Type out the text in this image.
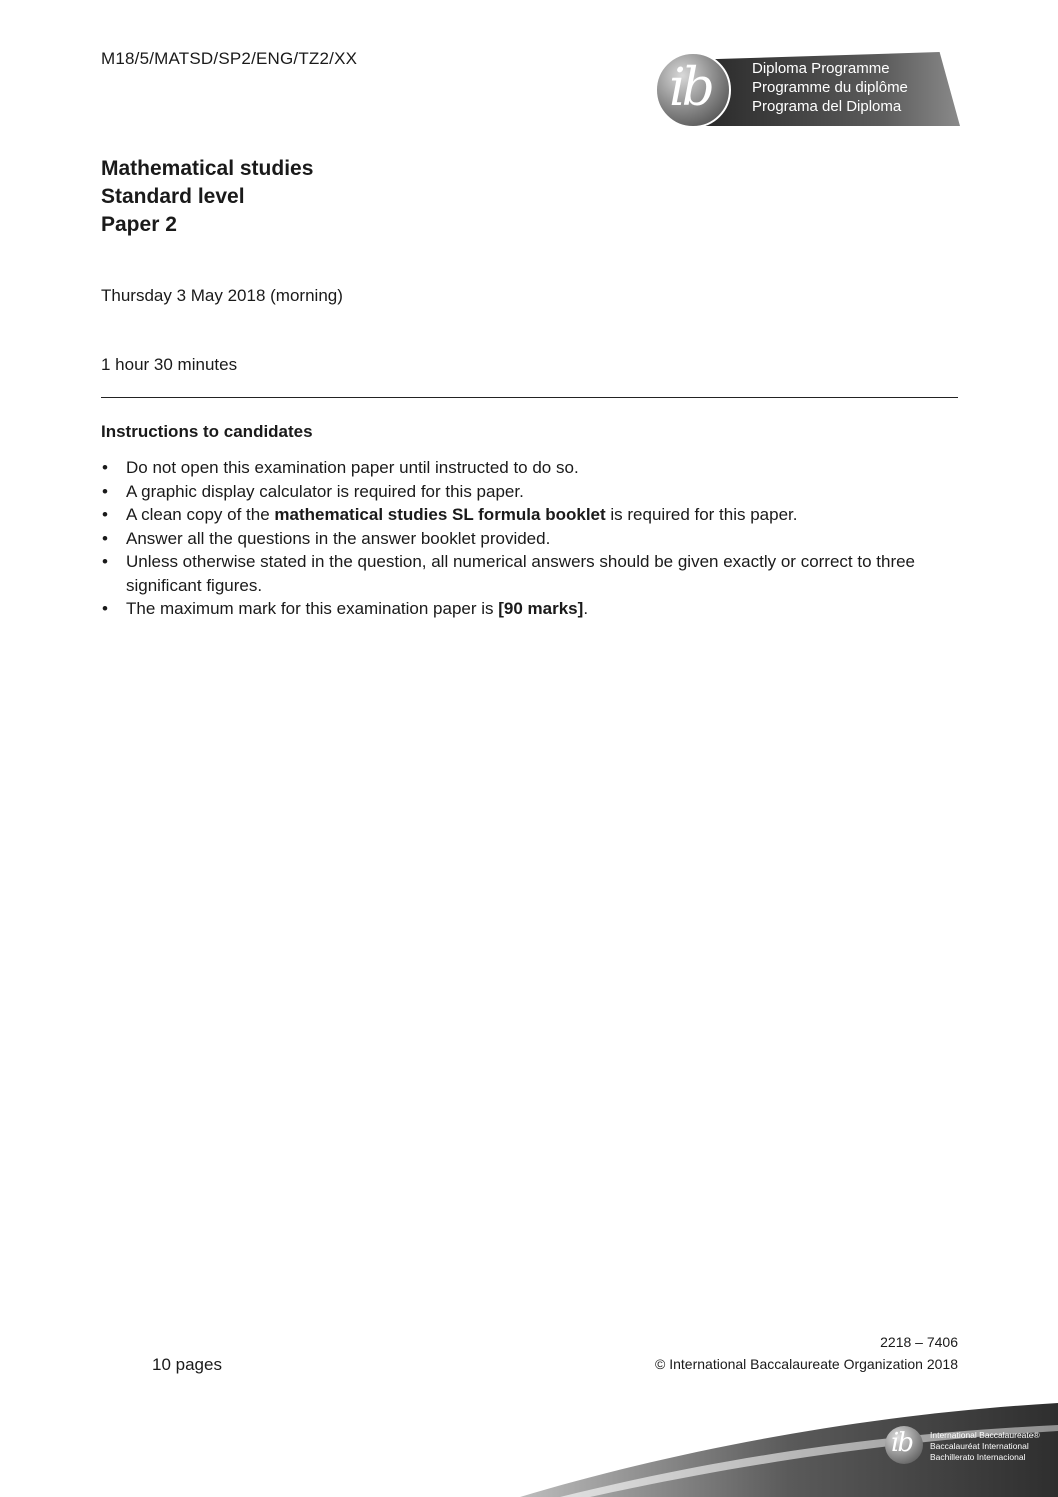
M18/5/MATSD/SP2/ENG/TZ2/XX	ib	Diploma Programme
Programme du diplôme
Programa del Diploma
Mathematical studies
Standard level
Paper 2
Thursday 3 May 2018 (morning)
1 hour 30 minutes
Instructions to candidates
• Do not open this examination paper until instructed to do so.
• A graphic display calculator is required for this paper.
• A clean copy of the mathematical studies SL formula booklet is required for this paper.
• Answer all the questions in the answer booklet provided.
• Unless otherwise stated in the question, all numerical answers should be given exactly or correct to three significant figures.
• The maximum mark for this examination paper is [90 marks].
10 pages
2218 – 7406
© International Baccalaureate Organization 2018
ib International Baccalaureate®
Baccalauréat International
Bachillerato Internacional
